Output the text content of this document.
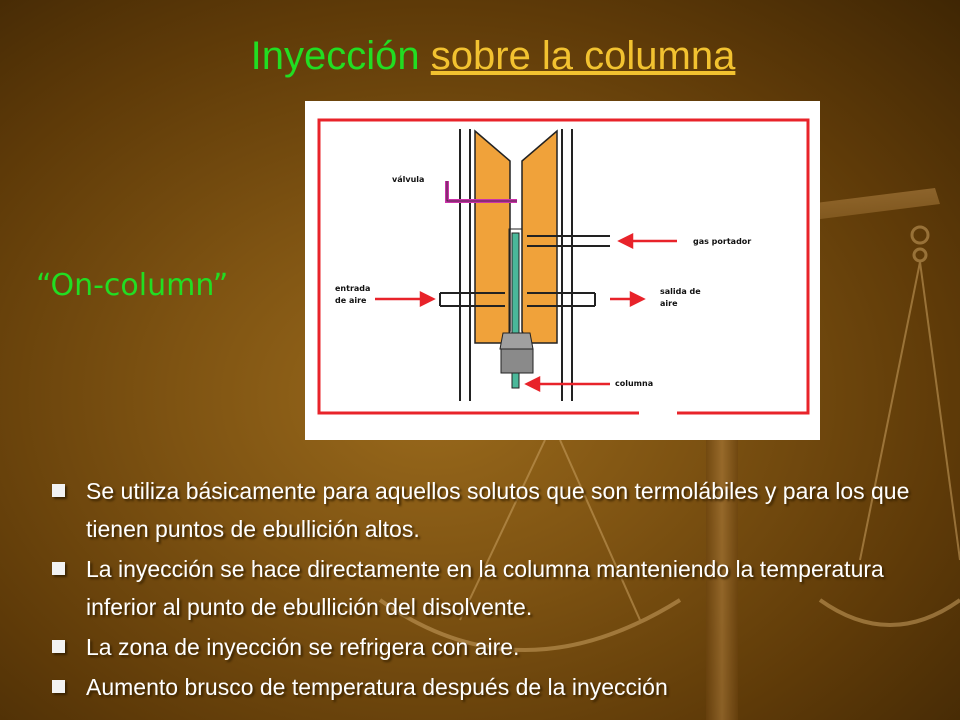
Inyección sobre la columna
válvula
gas portador
entrada
de aire
salida de
aire
columna
“On-column”
Se utiliza básicamente para aquellos solutos que son termolábiles y para los que tienen puntos de ebullición altos.
La inyección se hace directamente en la columna manteniendo la temperatura inferior al punto de ebullición del disolvente.
La zona de inyección se refrigera con aire.
Aumento brusco de temperatura después de la inyección
